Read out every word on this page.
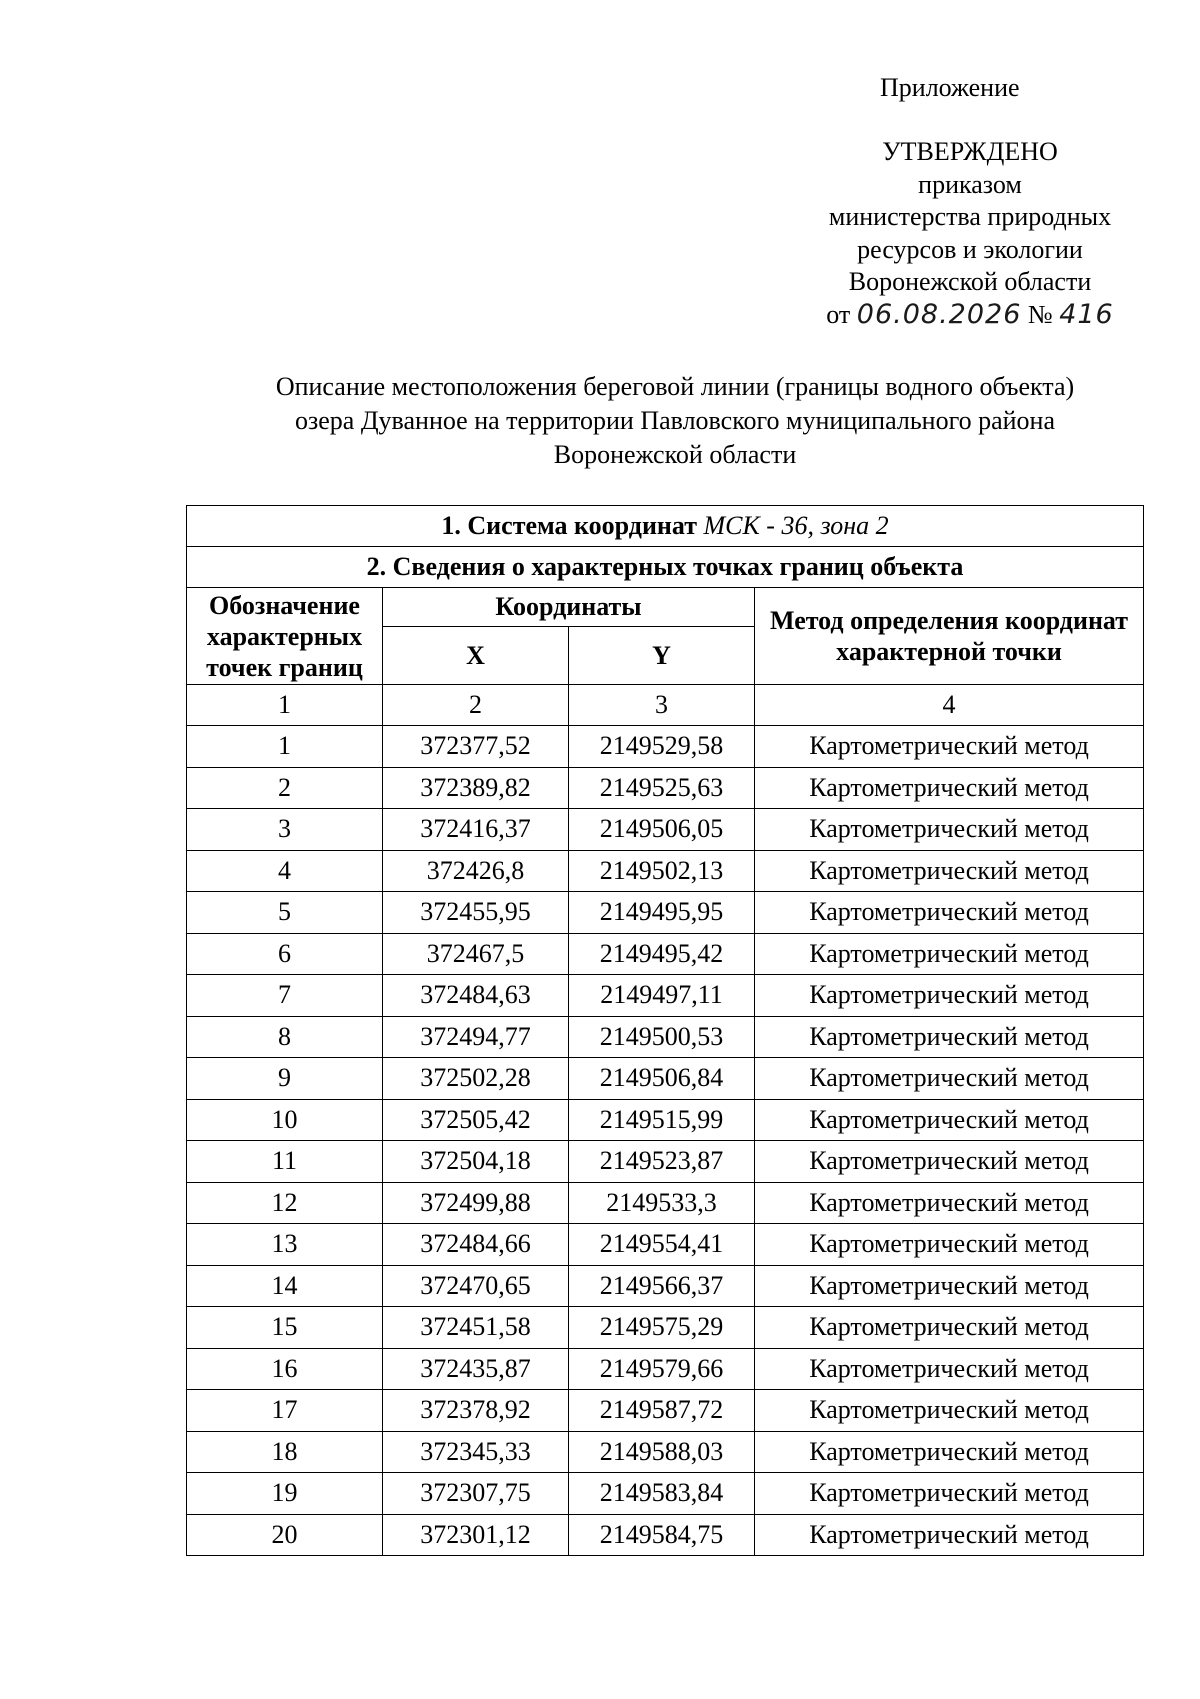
Приложение
УТВЕРЖДЕНО
приказом
министерства природных
ресурсов и экологии
Воронежской области
от 06.08.2026 № 416
Описание местоположения береговой линии (границы водного объекта)
озера Дуванное на территории Павловского муниципального района
Воронежской области
1. Система координат МСК - 36, зона 2			
2. Сведения о характерных точках границ объекта			
Обозначение характерных точек границ	Координаты		Метод определения координат характерной точки
	X	Y	
1	2	3	4
1	372377,52	2149529,58	Картометрический метод
2	372389,82	2149525,63	Картометрический метод
3	372416,37	2149506,05	Картометрический метод
4	372426,8	2149502,13	Картометрический метод
5	372455,95	2149495,95	Картометрический метод
6	372467,5	2149495,42	Картометрический метод
7	372484,63	2149497,11	Картометрический метод
8	372494,77	2149500,53	Картометрический метод
9	372502,28	2149506,84	Картометрический метод
10	372505,42	2149515,99	Картометрический метод
11	372504,18	2149523,87	Картометрический метод
12	372499,88	2149533,3	Картометрический метод
13	372484,66	2149554,41	Картометрический метод
14	372470,65	2149566,37	Картометрический метод
15	372451,58	2149575,29	Картометрический метод
16	372435,87	2149579,66	Картометрический метод
17	372378,92	2149587,72	Картометрический метод
18	372345,33	2149588,03	Картометрический метод
19	372307,75	2149583,84	Картометрический метод
20	372301,12	2149584,75	Картометрический метод
